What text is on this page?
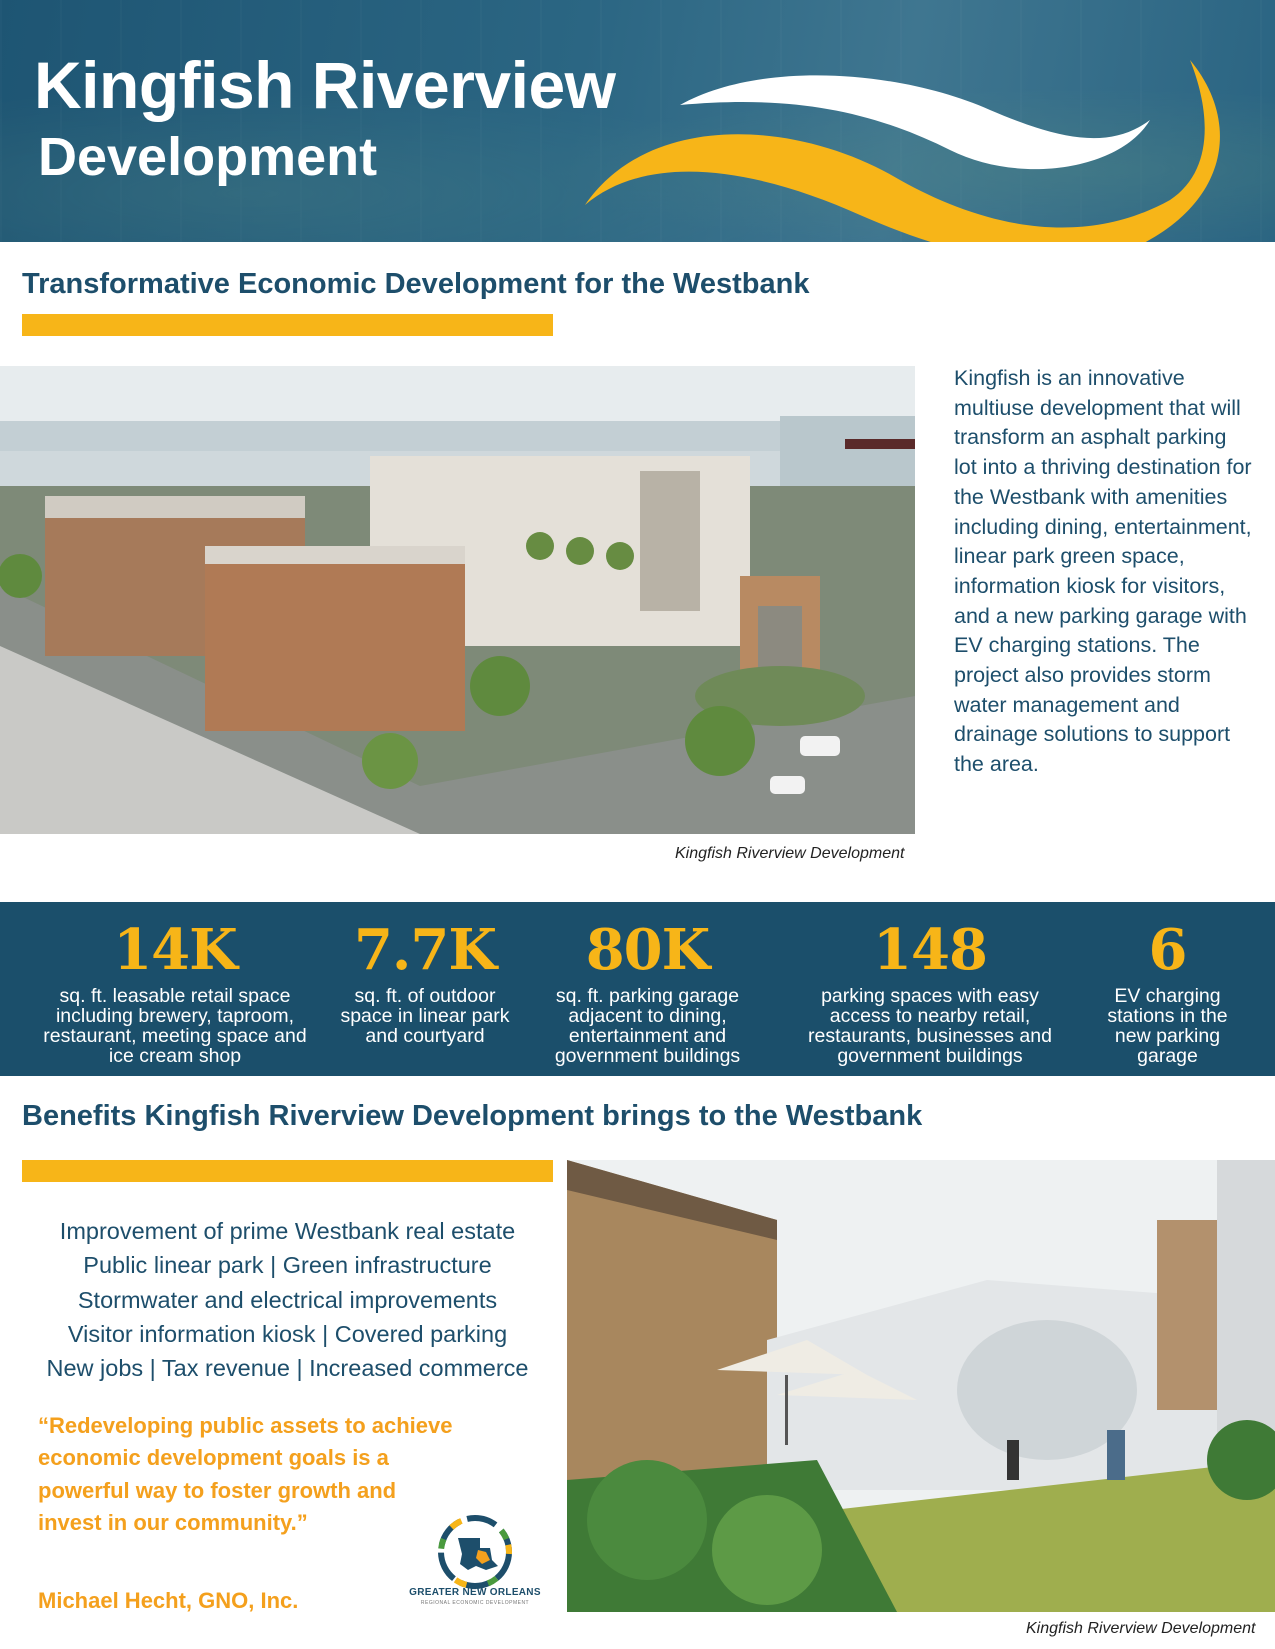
Kingfish Riverview
Development
Transformative Economic Development for the Westbank
Kingfish Riverview Development
Kingfish is an innovative multiuse development that will transform an asphalt parking lot into a thriving destination for the Westbank with amenities including dining, entertainment, linear park green space, information kiosk for visitors, and a new parking garage with EV charging stations. The project also provides storm water management and drainage solutions to support the area.
14K
sq. ft. leasable retail space including brewery, taproom, restaurant, meeting space and ice cream shop
7.7K
sq. ft. of outdoor space in linear park and courtyard
80K
sq. ft. parking garage adjacent to dining, entertainment and government buildings
148
parking spaces with easy access to nearby retail, restaurants, businesses and government buildings
6
EV charging stations in the new parking garage
Benefits Kingfish Riverview Development brings to the Westbank
Improvement of prime Westbank real estate
Public linear park | Green infrastructure
Stormwater and electrical improvements
Visitor information kiosk | Covered parking
New jobs | Tax revenue | Increased commerce
“Redeveloping public assets to achieve economic development goals is a powerful way to foster growth and invest in our community.”
Michael Hecht, GNO, Inc.	GREATER NEW ORLEANS
REGIONAL ECONOMIC DEVELOPMENT
Kingfish Riverview Development
